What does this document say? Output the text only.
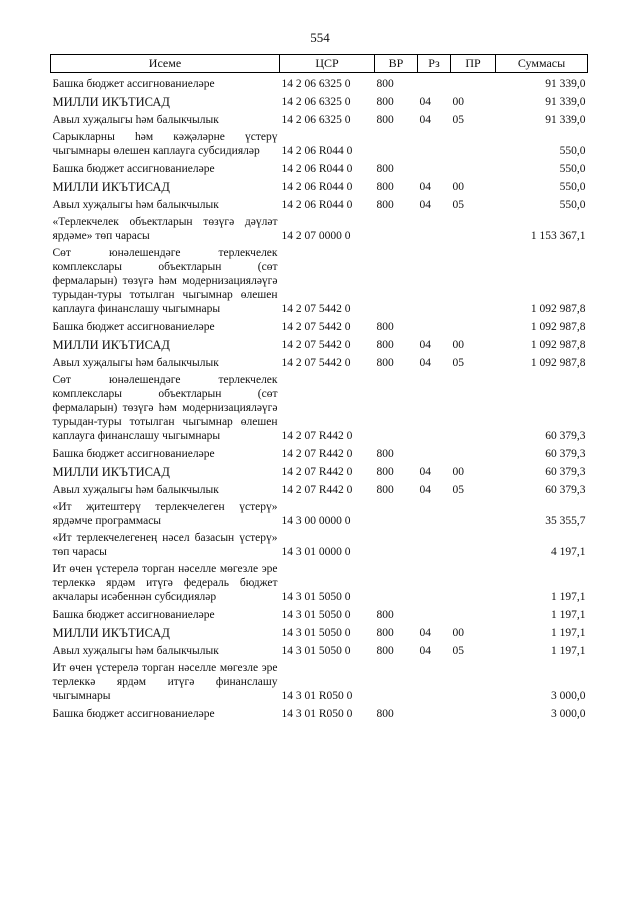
554
Исеме	ЦСР	ВР	Рз	ПР	Суммасы
Башка бюджет ассигнованиеләре	14 2 06 6325 0	800			91 339,0
МИЛЛИ ИКЪТИСАД	14 2 06 6325 0	800	04	00	91 339,0
Авыл хуҗалыгы һәм балыкчылык	14 2 06 6325 0	800	04	05	91 339,0
Сарыкларны һәм кәҗәләрне үстерү чыгымнары өлешен каплауга субсидияләр	14 2 06 R044 0				550,0
Башка бюджет ассигнованиеләре	14 2 06 R044 0	800			550,0
МИЛЛИ ИКЪТИСАД	14 2 06 R044 0	800	04	00	550,0
Авыл хуҗалыгы һәм балыкчылык	14 2 06 R044 0	800	04	05	550,0
«Терлекчелек объектларын төзүгә дәүләт ярдәме» төп чарасы	14 2 07 0000 0				1 153 367,1
Сөт юнәлешендәге терлекчелек комплекслары объектларын (сөт фермаларын) төзүгә һәм модернизацияләүгә турыдан-туры тотылган чыгымнар өлешен каплауга финанслашу чыгымнары	14 2 07 5442 0				1 092 987,8
Башка бюджет ассигнованиеләре	14 2 07 5442 0	800			1 092 987,8
МИЛЛИ ИКЪТИСАД	14 2 07 5442 0	800	04	00	1 092 987,8
Авыл хуҗалыгы һәм балыкчылык	14 2 07 5442 0	800	04	05	1 092 987,8
Сөт юнәлешендәге терлекчелек комплекслары объектларын (сөт фермаларын) төзүгә һәм модернизацияләүгә турыдан-туры тотылган чыгымнар өлешен каплауга финанслашу чыгымнары	14 2 07 R442 0				60 379,3
Башка бюджет ассигнованиеләре	14 2 07 R442 0	800			60 379,3
МИЛЛИ ИКЪТИСАД	14 2 07 R442 0	800	04	00	60 379,3
Авыл хуҗалыгы һәм балыкчылык	14 2 07 R442 0	800	04	05	60 379,3
«Ит җитештерү терлекчелеген үстерү» ярдәмче программасы	14 3 00 0000 0				35 355,7
«Ит терлекчелегенең нәсел базасын үстерү» төп чарасы	14 3 01 0000 0				4 197,1
Ит өчен үстерелә торган нәселле мөгезле эре терлеккә ярдәм итүгә федераль бюджет акчалары исәбеннән субсидияләр	14 3 01 5050 0				1 197,1
Башка бюджет ассигнованиеләре	14 3 01 5050 0	800			1 197,1
МИЛЛИ ИКЪТИСАД	14 3 01 5050 0	800	04	00	1 197,1
Авыл хуҗалыгы һәм балыкчылык	14 3 01 5050 0	800	04	05	1 197,1
Ит өчен үстерелә торган нәселле мөгезле эре терлеккә ярдәм итүгә финанслашу чыгымнары	14 3 01 R050 0				3 000,0
Башка бюджет ассигнованиеләре	14 3 01 R050 0	800			3 000,0
